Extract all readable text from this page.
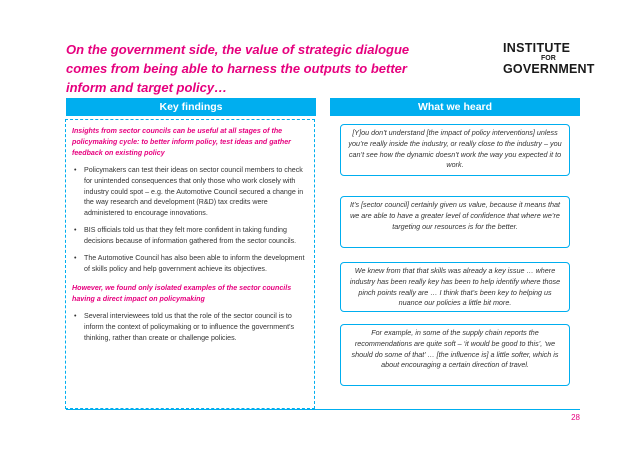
On the government side, the value of strategic dialogue comes from being able to harness the outputs to better inform and target policy…
INSTITUTE
FOR
GOVERNMENT
Key findings	What we heard
Insights from sector councils can be useful at all stages of the policymaking cycle: to better inform policy, test ideas and gather feedback on existing policy
• Policymakers can test their ideas on sector council members to check for unintended consequences that only those who work closely with industry could spot – e.g. the Automotive Council secured a change in the way research and development (R&D) tax credits were administered to encourage innovations.
• BIS officials told us that they felt more confident in taking funding decisions because of information gathered from the sector councils.
• The Automotive Council has also been able to inform the development of skills policy and help government achieve its objectives.
However, we found only isolated examples of the sector councils having a direct impact on policymaking
• Several interviewees told us that the role of the sector council is to inform the context of policymaking or to influence the government’s thinking, rather than create or challenge policies.
[Y]ou don’t understand [the impact of policy interventions] unless you’re really inside the industry, or really close to the industry – you can’t see how the dynamic doesn’t work the way you expected it to work.
It’s [sector council] certainly given us value, because it means that we are able to have a greater level of confidence that where we’re targeting our resources is for the better.
We knew from that that skills was already a key issue … where industry has been really key has been to help identify where those pinch points really are … I think that’s been key to helping us nuance our policies a little bit more.
For example, in some of the supply chain reports the recommendations are quite soft – ‘it would be good to this’, ‘we should do some of that’ … [the influence is] a little softer, which is about encouraging a certain direction of travel.
28
